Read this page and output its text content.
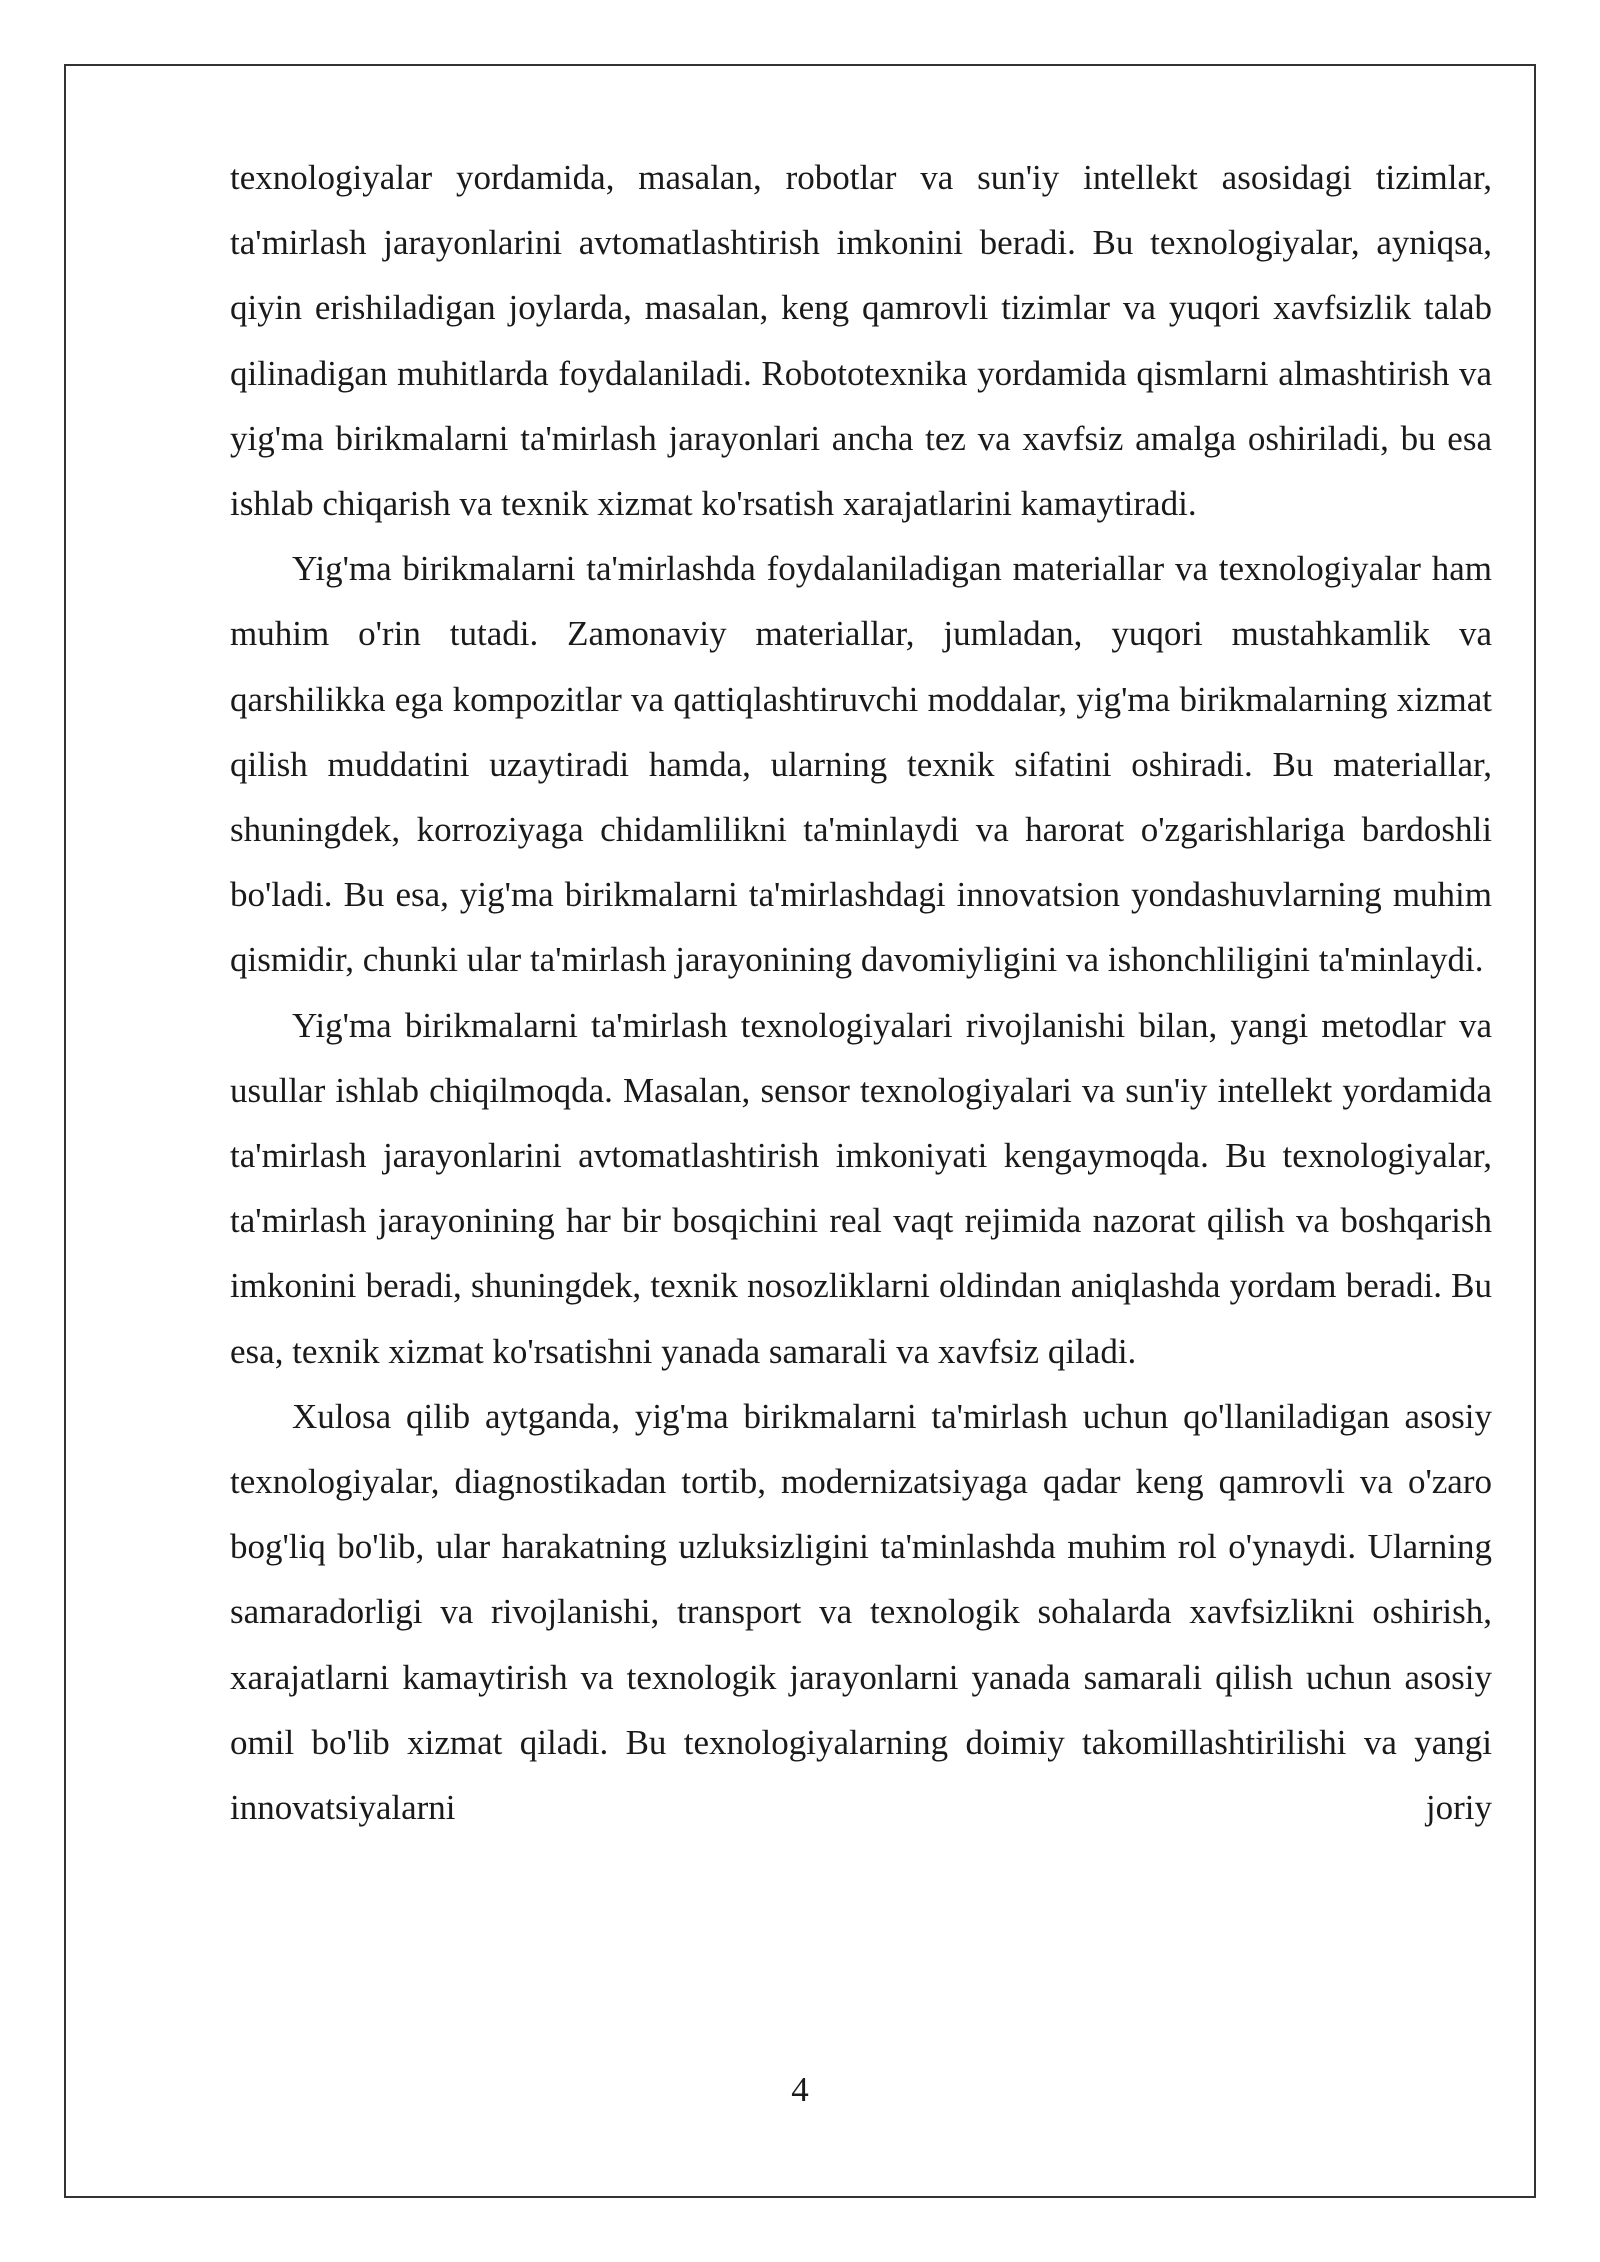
texnologiyalar yordamida, masalan, robotlar va sun'iy intellekt asosidagi tizimlar, ta'mirlash jarayonlarini avtomatlashtirish imkonini beradi. Bu texnologiyalar, ayniqsa, qiyin erishiladigan joylarda, masalan, keng qamrovli tizimlar va yuqori xavfsizlik talab qilinadigan muhitlarda foydalaniladi. Robototexnika yordamida qismlarni almashtirish va yig'ma birikmalarni ta'mirlash jarayonlari ancha tez va xavfsiz amalga oshiriladi, bu esa ishlab chiqarish va texnik xizmat ko'rsatish xarajatlarini kamaytiradi.

Yig'ma birikmalarni ta'mirlashda foydalaniladigan materiallar va texnologiyalar ham muhim o'rin tutadi. Zamonaviy materiallar, jumladan, yuqori mustahkamlik va qarshilikka ega kompozitlar va qattiqlashtiruvchi moddalar, yig'ma birikmalarning xizmat qilish muddatini uzaytiradi hamda, ularning texnik sifatini oshiradi. Bu materiallar, shuningdek, korroziyaga chidamlilikni ta'minlaydi va harorat o'zgarishlariga bardoshli bo'ladi. Bu esa, yig'ma birikmalarni ta'mirlashdagi innovatsion yondashuvlarning muhim qismidir, chunki ular ta'mirlash jarayonining davomiyligini va ishonchliligini ta'minlaydi.

Yig'ma birikmalarni ta'mirlash texnologiyalari rivojlanishi bilan, yangi metodlar va usullar ishlab chiqilmoqda. Masalan, sensor texnologiyalari va sun'iy intellekt yordamida ta'mirlash jarayonlarini avtomatlashtirish imkoniyati kengaymoqda. Bu texnologiyalar, ta'mirlash jarayonining har bir bosqichini real vaqt rejimida nazorat qilish va boshqarish imkonini beradi, shuningdek, texnik nosozliklarni oldindan aniqlashda yordam beradi. Bu esa, texnik xizmat ko'rsatishni yanada samarali va xavfsiz qiladi.

Xulosa qilib aytganda, yig'ma birikmalarni ta'mirlash uchun qo'llaniladigan asosiy texnologiyalar, diagnostikadan tortib, modernizatsiyaga qadar keng qamrovli va o'zaro bog'liq bo'lib, ular harakatning uzluksizligini ta'minlashda muhim rol o'ynaydi. Ularning samaradorligi va rivojlanishi, transport va texnologik sohalarda xavfsizlikni oshirish, xarajatlarni kamaytirish va texnologik jarayonlarni yanada samarali qilish uchun asosiy omil bo'lib xizmat qiladi. Bu texnologiyalarning doimiy takomillashtirilishi va yangi innovatsiyalarni joriy

4
